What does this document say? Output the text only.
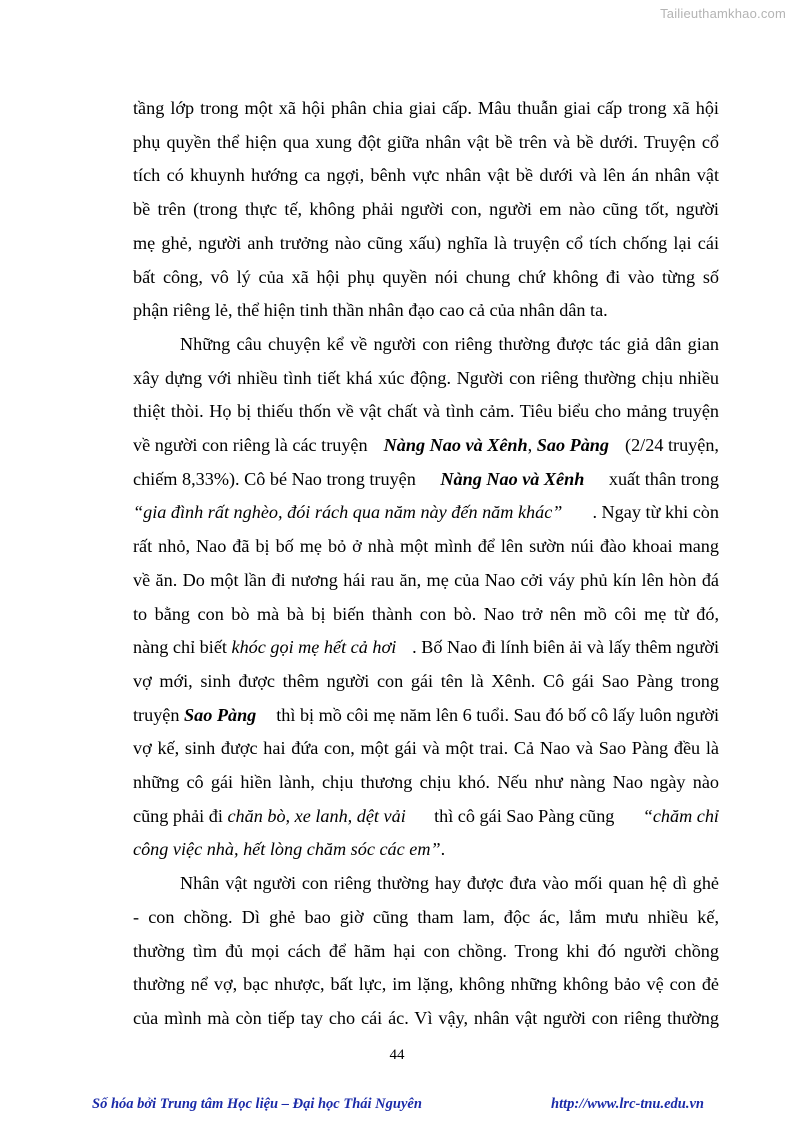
Tailieuthamkhao.com

tầng lớp trong một xã hội phân chia giai cấp. Mâu thuẫn giai cấp trong xã hội
phụ quyền thể hiện qua xung đột giữa nhân vật bề trên và bề dưới. Truyện cổ
tích có khuynh hướng ca ngợi, bênh vực nhân vật bề dưới và lên án nhân vật
bề trên (trong thực tế, không phải người con, người em nào cũng tốt, người
mẹ ghẻ, người anh trưởng nào cũng xấu) nghĩa là truyện cổ tích chống lại cái
bất công, vô lý của xã hội phụ quyền nói chung chứ không đi vào từng số
phận riêng lẻ, thể hiện tinh thần nhân đạo cao cả của nhân dân ta.

Những câu chuyện kể về người con riêng thường được tác giả dân gian
xây dựng với nhiều tình tiết khá xúc động. Người con riêng thường chịu nhiều
thiệt thòi. Họ bị thiếu thốn về vật chất và tình cảm. Tiêu biểu cho mảng truyện
về người con riêng là các truyện Nàng Nao và Xênh, Sao Pàng (2/24 truyện,
chiếm 8,33%). Cô bé Nao trong truyện Nàng Nao và Xênh xuất thân trong
“gia đình rất nghèo, đói rách qua năm này đến năm khác” . Ngay từ khi còn
rất nhỏ, Nao đã bị bố mẹ bỏ ở nhà một mình để lên sườn núi đào khoai mang
về ăn. Do một lần đi nương hái rau ăn, mẹ của Nao cởi váy phủ kín lên hòn đá
to bằng con bò mà bà bị biến thành con bò. Nao trở nên mồ côi mẹ từ đó,
nàng chỉ biết khóc gọi mẹ hết cả hơi . Bố Nao đi lính biên ải và lấy thêm người
vợ mới, sinh được thêm người con gái tên là Xênh. Cô gái Sao Pàng trong
truyện Sao Pàng thì bị mồ côi mẹ năm lên 6 tuổi. Sau đó bố cô lấy luôn người
vợ kế, sinh được hai đứa con, một gái và một trai. Cả Nao và Sao Pàng đều là
những cô gái hiền lành, chịu thương chịu khó. Nếu như nàng Nao ngày nào
cũng phải đi chăn bò, xe lanh, dệt vải thì cô gái Sao Pàng cũng “chăm chỉ
công việc nhà, hết lòng chăm sóc các em”.

Nhân vật người con riêng thường hay được đưa vào mối quan hệ dì ghẻ
- con chồng. Dì ghẻ bao giờ cũng tham lam, độc ác, lắm mưu nhiều kế,
thường tìm đủ mọi cách để hãm hại con chồng. Trong khi đó người chồng
thường nể vợ, bạc nhược, bất lực, im lặng, không những không bảo vệ con đẻ
của mình mà còn tiếp tay cho cái ác. Vì vậy, nhân vật người con riêng thường

44
Số hóa bởi Trung tâm Học liệu – Đại học Thái Nguyên	http://www.lrc-tnu.edu.vn
